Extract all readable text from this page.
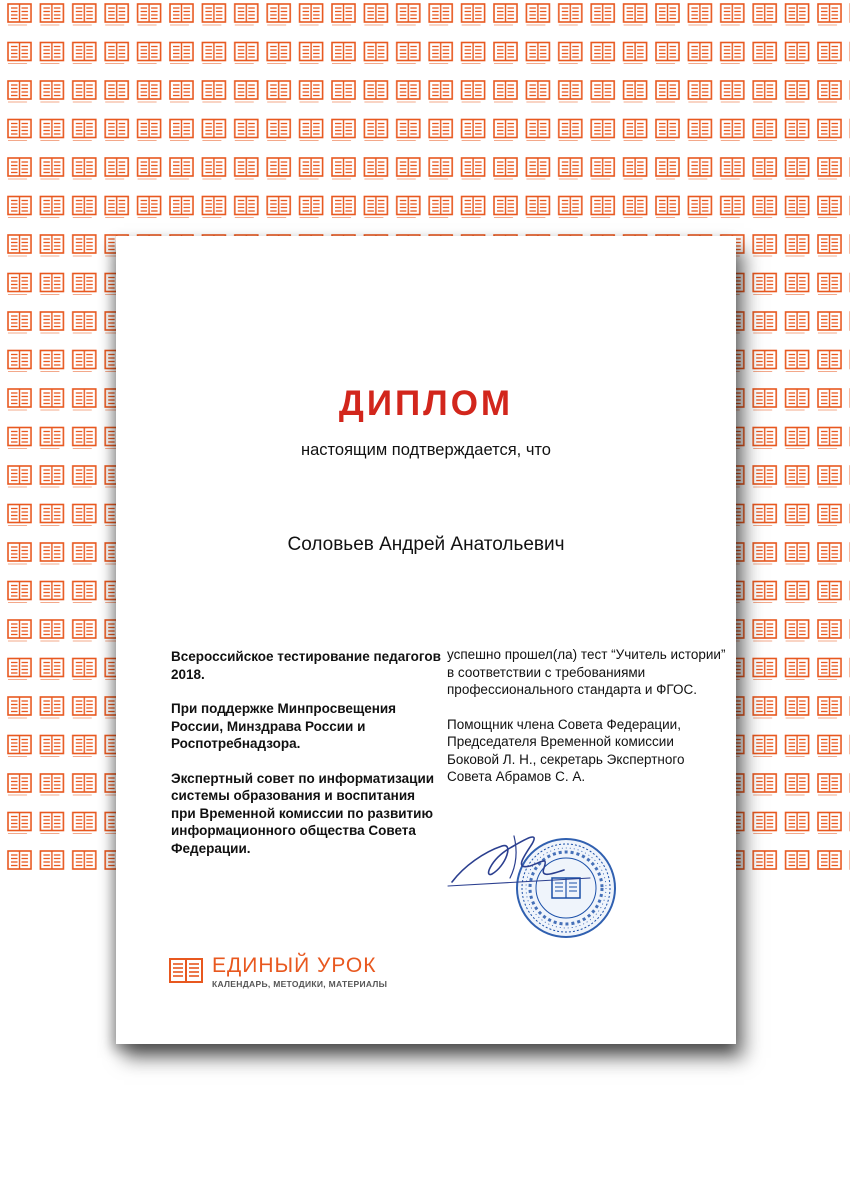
ДИПЛОМ
настоящим подтверждается, что
Соловьев Андрей Анатольевич

Всероссийское тестирование педагогов 2018.

При поддержке Минпросвещения России, Минздрава России и Роспотребнадзора.

Экспертный совет по информатизации системы образования и воспитания при Временной комиссии по развитию информационного общества Совета Федерации.

успешно прошел(ла) тест “Учитель истории” в соответствии с требованиями профессионального стандарта и ФГОС.

Помощник члена Совета Федерации, Председателя Временной комиссии Боковой Л. Н., секретарь Экспертного Совета Абрамов С. А.

ЕДИНЫЙ УРОК
КАЛЕНДАРЬ, МЕТОДИКИ, МАТЕРИАЛЫ
